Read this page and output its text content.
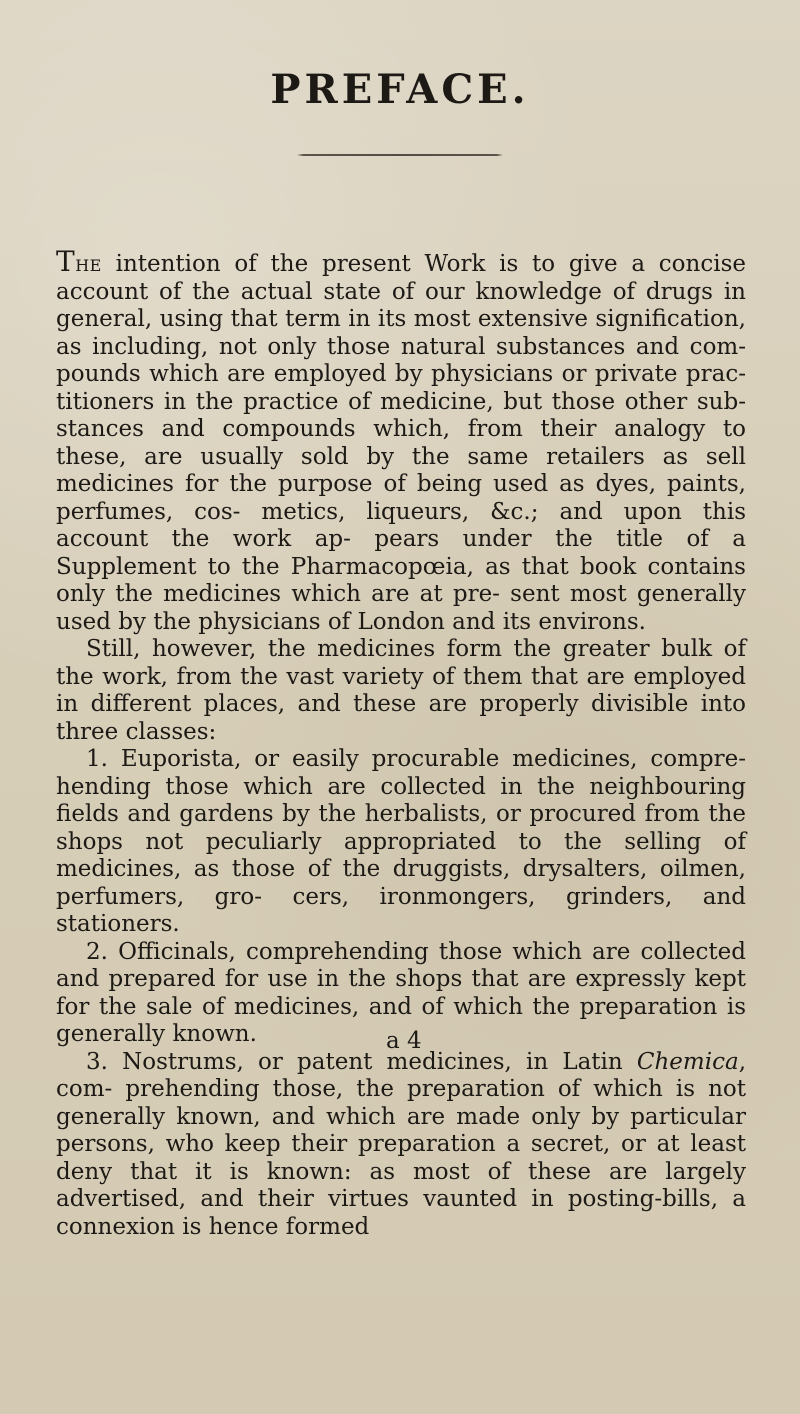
PREFACE.

The intention of the present Work is to give a concise account of the actual state of our knowledge of drugs in general, using that term in its most extensive signification, as including, not only those natural substances and com- pounds which are employed by physicians or private prac- titioners in the practice of medicine, but those other sub- stances and compounds which, from their analogy to these, are usually sold by the same retailers as sell medicines for the purpose of being used as dyes, paints, perfumes, cos- metics, liqueurs, &c.; and upon this account the work ap- pears under the title of a Supplement to the Pharmacopœia, as that book contains only the medicines which are at pre- sent most generally used by the physicians of London and its environs.

Still, however, the medicines form the greater bulk of the work, from the vast variety of them that are employed in different places, and these are properly divisible into three classes:

1. Euporista, or easily procurable medicines, compre- hending those which are collected in the neighbouring fields and gardens by the herbalists, or procured from the shops not peculiarly appropriated to the selling of medicines, as those of the druggists, drysalters, oilmen, perfumers, gro- cers, ironmongers, grinders, and stationers.

2. Officinals, comprehending those which are collected and prepared for use in the shops that are expressly kept for the sale of medicines, and of which the preparation is generally known.

3. Nostrums, or patent medicines, in Latin Chemica, com- prehending those, the preparation of which is not generally known, and which are made only by particular persons, who keep their preparation a secret, or at least deny that it is known: as most of these are largely advertised, and their virtues vaunted in posting-bills, a connexion is hence formed

a 4
